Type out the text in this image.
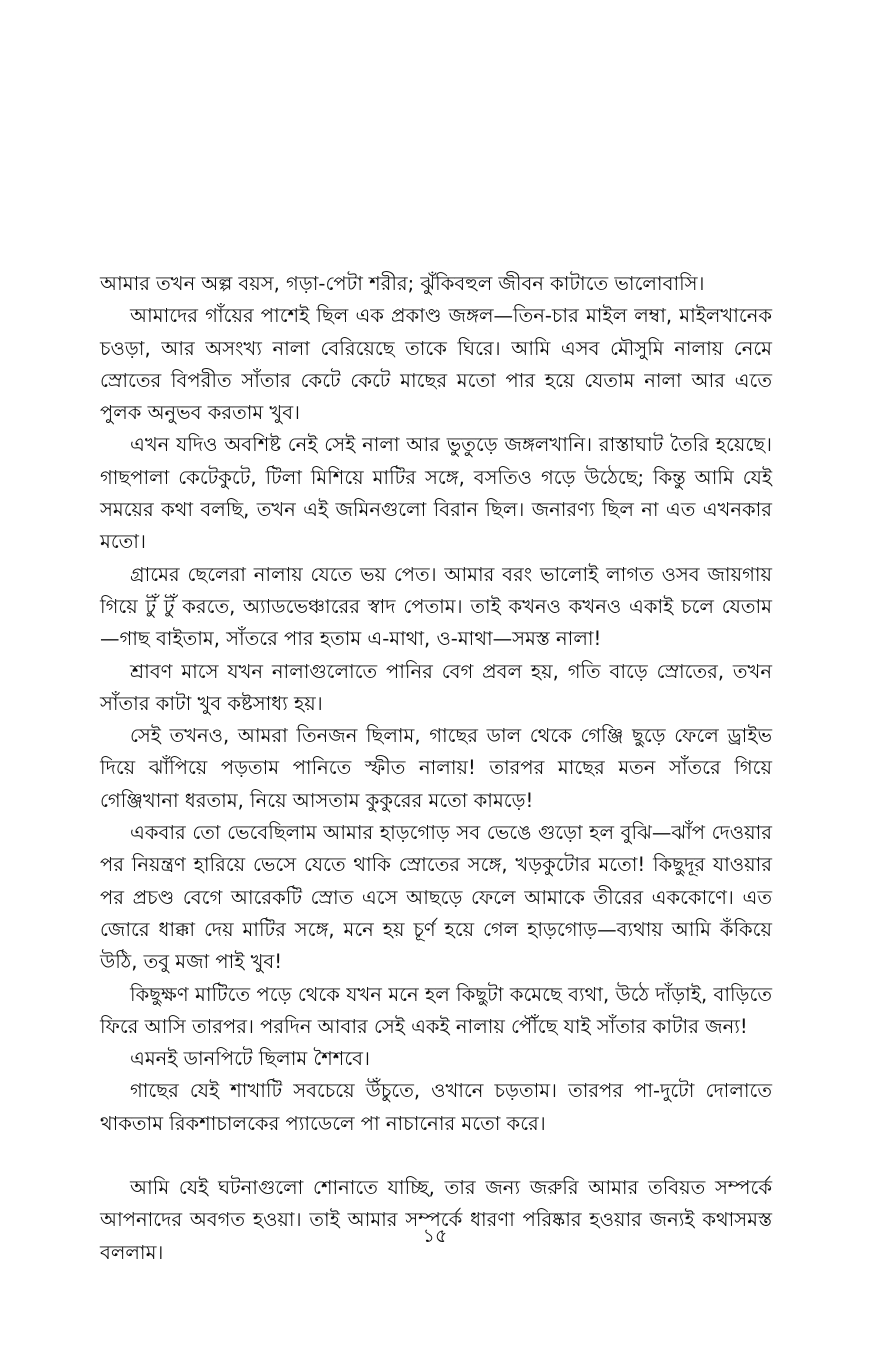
আমার তখন অল্প বয়স, গড়া-পেটা শরীর; ঝুঁকিবহুল জীবন কাটাতে ভালোবাসি।

আমাদের গাঁয়ের পাশেই ছিল এক প্রকাণ্ড জঙ্গল—তিন-চার মাইল লম্বা, মাইলখানেক চওড়া, আর অসংখ্য নালা বেরিয়েছে তাকে ঘিরে। আমি এসব মৌসুমি নালায় নেমে স্রোতের বিপরীত সাঁতার কেটে কেটে মাছের মতো পার হয়ে যেতাম নালা আর এতে পুলক অনুভব করতাম খুব।

এখন যদিও অবশিষ্ট নেই সেই নালা আর ভুতুড়ে জঙ্গলখানি। রাস্তাঘাট তৈরি হয়েছে। গাছপালা কেটেকুটে, টিলা মিশিয়ে মাটির সঙ্গে, বসতিও গড়ে উঠেছে; কিন্তু আমি যেই সময়ের কথা বলছি, তখন এই জমিনগুলো বিরান ছিল। জনারণ্য ছিল না এত এখনকার মতো।

গ্রামের ছেলেরা নালায় যেতে ভয় পেত। আমার বরং ভালোই লাগত ওসব জায়গায় গিয়ে টুঁ টুঁ করতে, অ্যাডভেঞ্চারের স্বাদ পেতাম। তাই কখনও কখনও একাই চলে যেতাম—গাছ বাইতাম, সাঁতরে পার হতাম এ-মাথা, ও-মাথা—সমস্ত নালা!

শ্রাবণ মাসে যখন নালাগুলোতে পানির বেগ প্রবল হয়, গতি বাড়ে স্রোতের, তখন সাঁতার কাটা খুব কষ্টসাধ্য হয়।

সেই তখনও, আমরা তিনজন ছিলাম, গাছের ডাল থেকে গেঞ্জি ছুড়ে ফেলে ড্রাইভ দিয়ে ঝাঁপিয়ে পড়তাম পানিতে স্ফীত নালায়! তারপর মাছের মতন সাঁতরে গিয়ে গেঞ্জিখানা ধরতাম, নিয়ে আসতাম কুকুরের মতো কামড়ে!

একবার তো ভেবেছিলাম আমার হাড়গোড় সব ভেঙে গুড়ো হল বুঝি—ঝাঁপ দেওয়ার পর নিয়ন্ত্রণ হারিয়ে ভেসে যেতে থাকি স্রোতের সঙ্গে, খড়কুটোর মতো! কিছুদূর যাওয়ার পর প্রচণ্ড বেগে আরেকটি স্রোত এসে আছড়ে ফেলে আমাকে তীরের এককোণে। এত জোরে ধাক্কা দেয় মাটির সঙ্গে, মনে হয় চূর্ণ হয়ে গেল হাড়গোড়—ব্যথায় আমি কঁকিয়ে উঠি, তবু মজা পাই খুব!

কিছুক্ষণ মাটিতে পড়ে থেকে যখন মনে হল কিছুটা কমেছে ব্যথা, উঠে দাঁড়াই, বাড়িতে ফিরে আসি তারপর। পরদিন আবার সেই একই নালায় পৌঁছে যাই সাঁতার কাটার জন্য!

এমনই ডানপিটে ছিলাম শৈশবে।

গাছের যেই শাখাটি সবচেয়ে উঁচুতে, ওখানে চড়তাম। তারপর পা-দুটো দোলাতে থাকতাম রিকশাচালকের প্যাডেলে পা নাচানোর মতো করে।

আমি যেই ঘটনাগুলো শোনাতে যাচ্ছি, তার জন্য জরুরি আমার তবিয়ত সম্পর্কে আপনাদের অবগত হওয়া। তাই আমার সম্পর্কে ধারণা পরিষ্কার হওয়ার জন্যই কথাসমস্ত বললাম।

১৫
